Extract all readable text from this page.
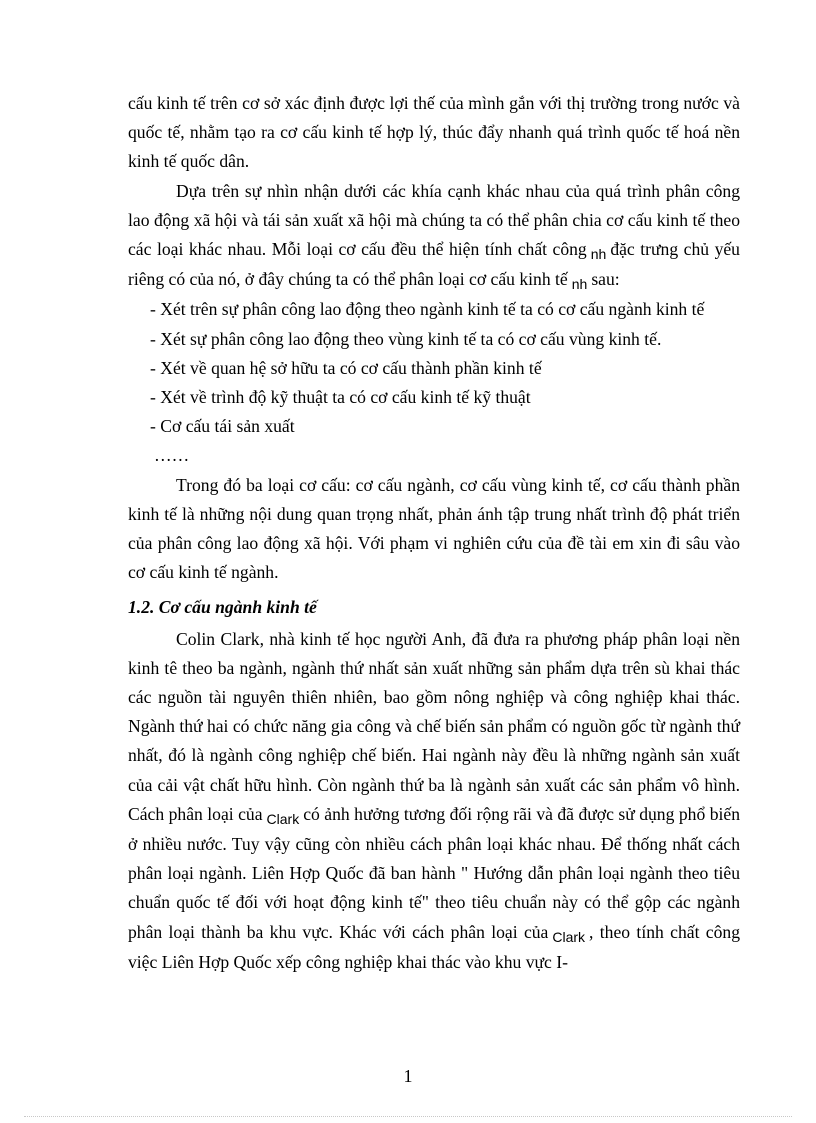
cấu kinh tế trên cơ sở xác định được lợi thế của mình gắn với thị trường trong nước và quốc tế, nhằm tạo ra cơ cấu kinh tế hợp lý, thúc đẩy nhanh quá trình quốc tế hoá nền kinh tế quốc dân.

Dựa trên sự nhìn nhận dưới các khía cạnh khác nhau của quá trình phân công lao động xã hội và tái sản xuất xã hội mà chúng ta có thể phân chia cơ cấu kinh tế theo các loại khác nhau. Mỗi loại cơ cấu đều thể hiện tính chất công $_{nh}$ đặc trưng chủ yếu riêng có của nó, ở đây chúng ta có thể phân loại cơ cấu kinh tế $_{nh}$ sau:

- Xét trên sự phân công lao động theo ngành kinh tế ta có cơ cấu ngành kinh tế

- Xét sự phân công lao động theo vùng kinh tế ta có cơ cấu vùng kinh tế.

- Xét về quan hệ sở hữu ta có cơ cấu thành phần kinh tế

- Xét về trình độ kỹ thuật ta có cơ cấu kinh tế kỹ thuật

- Cơ cấu tái sản xuất

……

Trong đó ba loại cơ cấu: cơ cấu ngành, cơ cấu vùng kinh tế, cơ cấu thành phần kinh tế là những nội dung quan trọng nhất, phản ánh tập trung nhất trình độ phát triển của phân công lao động xã hội. Với phạm vi nghiên cứu của đề tài em xin đi sâu vào cơ cấu kinh tế ngành.

1.2. Cơ cấu ngành kinh tế

Colin Clark, nhà kinh tế học người Anh, đã đưa ra phương pháp phân loại nền kinh tê theo ba ngành, ngành thứ nhất sản xuất những sản phẩm dựa trên sù khai thác các nguồn tài nguyên thiên nhiên, bao gồm nông nghiệp và công nghiệp khai thác. Ngành thứ hai có chức năng gia công và chế biến sản phẩm có nguồn gốc từ ngành thứ nhất, đó là ngành công nghiệp chế biến. Hai ngành này đều là những ngành sản xuất của cải vật chất hữu hình. Còn ngành thứ ba là ngành sản xuất các sản phẩm vô hình. Cách phân loại của $_{Clark}$ có ảnh hưởng tương đối rộng rãi và đã được sử dụng phổ biến ở nhiều nước. Tuy vậy cũng còn nhiều cách phân loại khác nhau. Để thống nhất cách phân loại ngành. Liên Hợp Quốc đã ban hành " Hướng dẫn phân loại ngành theo tiêu chuẩn quốc tế đối với hoạt động kinh tế" theo tiêu chuẩn này có thể gộp các ngành phân loại thành ba khu vực. Khác với cách phân loại của $_{Clark}$ , theo tính chất công việc Liên Hợp Quốc xếp công nghiệp khai thác vào khu vực I-

1
